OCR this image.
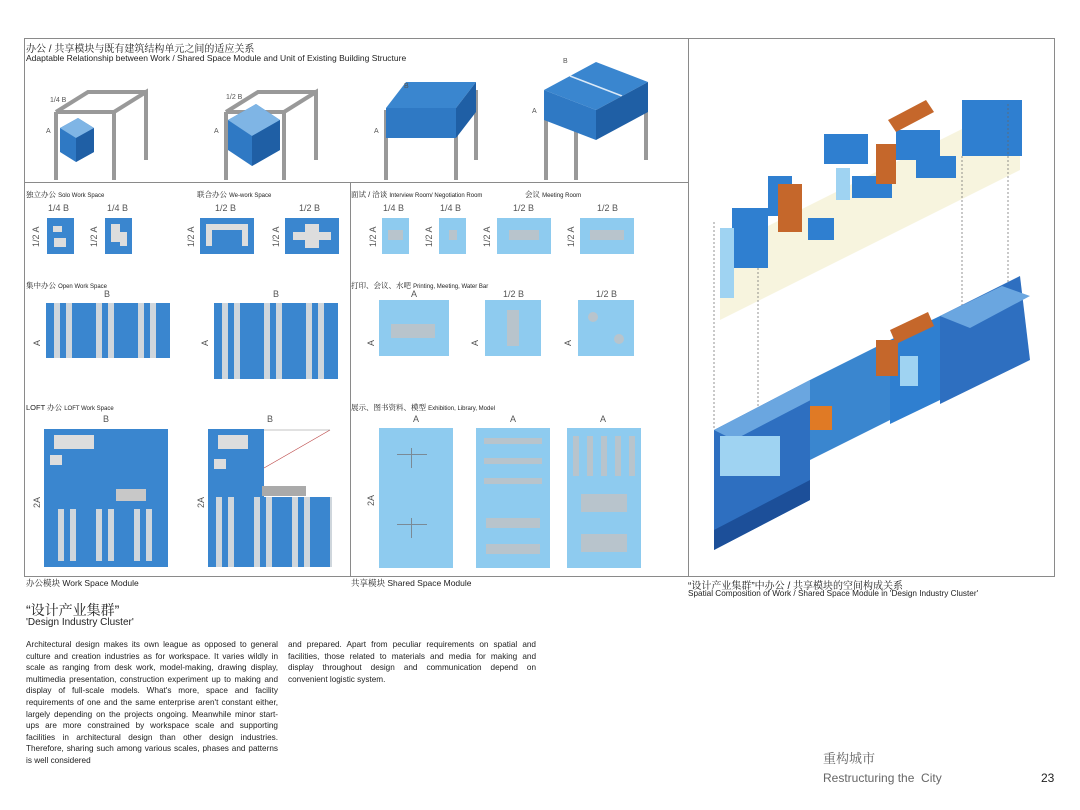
办公 / 共享模块与既有建筑结构单元之间的适应关系
Adaptable Relationship between Work / Shared Space Module and Unit of Existing Building Structure
1/4 B
A
1/2 B
A
B
A
B
A
独立办公 Solo Work Space	联合办公 We-work Space
1/4 B	1/4 B
1/2 A	1/2 A
1/2 B	1/2 B
1/2 A	1/2 A
集中办公 Open Work Space
B	B
A	A
LOFT 办公 LOFT Work Space
B	B
2A	2A
办公模块 Work Space Module
面试 / 洽谈 Interview Room/ Negotiation Room	会议 Meeting Room
1/4 B	1/4 B	1/2 B	1/2 B
1/2 A	1/2 A	1/2 A	1/2 A
打印、会议、水吧 Printing, Meeting, Water Bar
A	1/2 B	1/2 B
A	A	A
展示、图书资料、模型 Exhibition, Library, Model
A	A	A
2A
共享模块 Shared Space Module	“设计产业集群”中办公 / 共享模块的空间构成关系
Spatial Composition of Work / Shared Space Module in 'Design Industry Cluster'
“设计产业集群”
'Design Industry Cluster'
Architectural design makes its own league as opposed to general culture and creation industries as for workspace. It varies wildly in scale as ranging from desk work, model-making, drawing display, multimedia presentation, construction experiment up to making and display of full-scale models. What's more, space and facility requirements of one and the same enterprise aren't constant either, largely depending on the projects ongoing. Meanwhile minor start-ups are more constrained by workspace scale and supporting facilities in architectural design than other design industries. Therefore, sharing such among various scales, phases and patterns is well considered
and prepared. Apart from peculiar requirements on spatial and facilities, those related to materials and media for making and display throughout design and communication depend on convenient logistic system.
重构城市
Restructuring the  City	23
